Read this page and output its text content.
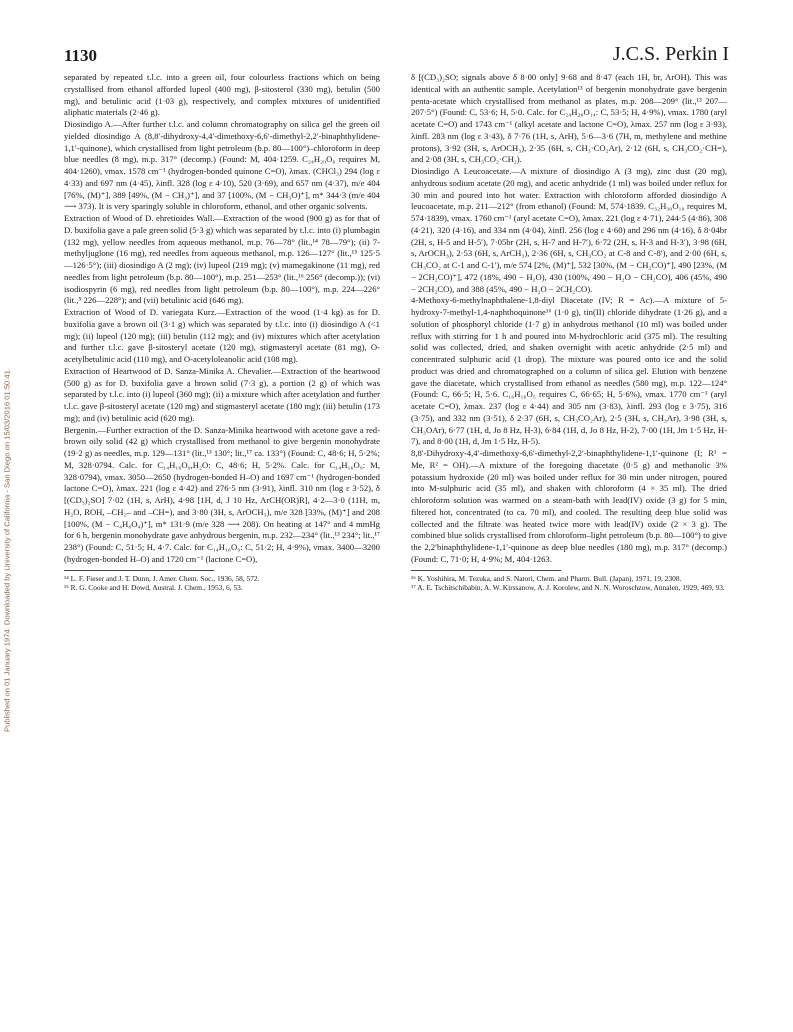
1130	J.C.S. Perkin I
Published on 01 January 1974. Downloaded by University of California - San Diego on 15/03/2016 01:50:41.

separated by repeated t.l.c. into a green oil, four colourless fractions which on being crystallised from ethanol afforded lupeol (400 mg), β-sitosterol (330 mg), betulin (500 mg), and betulinic acid (1·03 g), respectively, and complex mixtures of unidentified aliphatic materials (2·46 g).

Diosindigo A.—After further t.l.c. and column chromatography on silica gel the green oil yielded diosindigo A (8,8′-dihydroxy-4,4′-dimethoxy-6,6′-dimethyl-2,2′-binaphthylidene-1,1′-quinone), which crystallised from light petroleum (b.p. 80—100°)–chloroform in deep blue needles (8 mg), m.p. 317° (decomp.) (Found: M, 404·1259. C₂₄H₂₀O₆ requires M, 404·1260), νmax. 1578 cm⁻¹ (hydrogen-bonded quinone C=O), λmax. (CHCl₃) 294 (log ε 4·33) and 697 nm (4·45), λinfl. 328 (log ε 4·10), 520 (3·69), and 657 nm (4·37), m/e 404 [76%, (M)⁺], 389 [49%, (M − CH₃)⁺], and 37 [100%, (M − CH₃O)⁺], m* 344·3 (m/e 404 ⟶ 373). It is very sparingly soluble in chloroform, ethanol, and other organic solvents.

Extraction of Wood of D. ehretioides Wall.—Extraction of the wood (900 g) as for that of D. buxifolia gave a pale green solid (5·3 g) which was separated by t.l.c. into (i) plumbagin (132 mg), yellow needles from aqueous methanol, m.p. 76—78° (lit.,¹⁴ 78—79°); (ii) 7-methyljuglone (16 mg), red needles from aqueous methanol, m.p. 126—127° (lit.,¹⁵ 125·5—126·5°); (iii) diosindigo A (2 mg); (iv) lupeol (219 mg); (v) mamegakinone (11 mg), red needles from light petroleum (b.p. 80—100°), m.p. 251—253° (lit.,¹⁶ 256° (decomp.)); (vi) isodiospyrin (6 mg), red needles from light petroleum (b.p. 80—100°), m.p. 224—226° (lit.,⁵ 226—228°); and (vii) betulinic acid (646 mg).

Extraction of Wood of D. variegata Kurz.—Extraction of the wood (1·4 kg) as for D. buxifolia gave a brown oil (3·1 g) which was separated by t.l.c. into (i) diosindigo A (<1 mg); (ii) lupeol (120 mg); (iii) betulin (112 mg); and (iv) mixtures which after acetylation and further t.l.c. gave β-sitosteryl acetate (120 mg), stigmasteryl acetate (81 mg), O-acetylbetulinic acid (110 mg), and O-acetyloleanolic acid (108 mg).

Extraction of Heartwood of D. Sanza-Minika A. Chevalier.—Extraction of the heartwood (500 g) as for D. buxifolia gave a brown solid (7·3 g), a portion (2 g) of which was separated by t.l.c. into (i) lupeol (360 mg); (ii) a mixture which after acetylation and further t.l.c. gave β-sitosteryl acetate (120 mg) and stigmasteryl acetate (180 mg); (iii) betulin (173 mg); and (iv) betulinic acid (620 mg).

Bergenin.—Further extraction of the D. Sanza-Minika heartwood with acetone gave a red-brown oily solid (42 g) which crystallised from methanol to give bergenin monohydrate (19·2 g) as needles, m.p. 129—131° (lit.,¹³ 130°; lit.,¹⁷ ca. 133°) (Found: C, 48·6; H, 5·2%; M, 328·0794. Calc. for C₁₄H₁₆O₉,H₂O: C, 48·6; H, 5·2%. Calc. for C₁₄H₁₆O₉: M, 328·0794), νmax. 3050—2650 (hydrogen-bonded H–O) and 1697 cm⁻¹ (hydrogen-bonded lactone C=O), λmax. 221 (log ε 4·42) and 276·5 nm (3·91), λinfl. 310 nm (log ε 3·52), δ [(CD₃)₂SO] 7·02 (1H, s, ArH), 4·98 [1H, d, J 10 Hz, ArCH(OR)R], 4·2—3·0 (11H, m, H₂O, ROH, –CH₂– and –CH=), and 3·80 (3H, s, ArOCH₃), m/e 328 [33%, (M)⁺] and 208 [100%, (M − C₄H₈O₄)⁺], m* 131·9 (m/e 328 ⟶ 208). On heating at 147° and 4 mmHg for 6 h, bergenin monohydrate gave anhydrous bergenin, m.p. 232—234° (lit.,¹³ 234°; lit.,¹⁷ 238°) (Found: C, 51·5; H, 4·7. Calc. for C₁₄H₁₆O₉: C, 51·2; H, 4·9%), νmax. 3400—3200 (hydrogen-bonded H–O) and 1720 cm⁻¹ (lactone C=O),

¹⁴ L. F. Fieser and J. T. Dunn, J. Amer. Chem. Soc., 1936, 58, 572.

¹⁵ R. G. Cooke and H. Dowd, Austral. J. Chem., 1953, 6, 53.

δ [(CD₃)₂SO; signals above δ 8·00 only] 9·68 and 8·47 (each 1H, br, ArOH). This was identical with an authentic sample. Acetylation¹³ of bergenin monohydrate gave bergenin penta-acetate which crystallised from methanol as plates, m.p. 208—209° (lit.,¹³ 207—207·5°) (Found: C, 53·6; H, 5·0. Calc. for C₂₄H₂₆O₁₄: C, 53·5; H, 4·9%), νmax. 1780 (aryl acetate C=O) and 1743 cm⁻¹ (alkyl acetate and lactone C=O), λmax. 257 nm (log ε 3·93), λinfl. 283 nm (log ε 3·43), δ 7·76 (1H, s, ArH), 5·6—3·6 (7H, m, methylene and methine protons), 3·92 (3H, s, ArOCH₃), 2·35 (6H, s, CH₃·CO₂Ar), 2·12 (6H, s, CH₃CO₂·CH=), and 2·08 (3H, s, CH₃CO₂·CH₂).

Diosindigo A Leucoacetate.—A mixture of diosindigo A (3 mg), zinc dust (20 mg), anhydrous sodium acetate (20 mg), and acetic anhydride (1 ml) was boiled under reflux for 30 min and poured into hot water. Extraction with chloroform afforded diosindigo A leucoacetate, m.p. 211—212° (from ethanol) (Found: M, 574·1839. C₃₂H₃₀O₁₀ requires M, 574·1839), νmax. 1760 cm⁻¹ (aryl acetate C=O), λmax. 221 (log ε 4·71), 244·5 (4·86), 308 (4·21), 320 (4·16), and 334 nm (4·04), λinfl. 256 (log ε 4·60) and 296 nm (4·16), δ 8·04br (2H, s, H-5 and H-5′), 7·05br (2H, s, H-7 and H-7′), 6·72 (2H, s, H-3 and H-3′), 3·98 (6H, s, ArOCH₃), 2·53 (6H, s, ArCH₃), 2·36 (6H, s, CH₃CO₂ at C-8 and C-8′), and 2·00 (6H, s, CH₃CO₂ at C-1 and C-1′), m/e 574 [2%, (M)⁺], 532 [30%, (M − CH₂CO)⁺], 490 [23%, (M − 2CH₂CO)⁺], 472 (18%, 490 − H₂O), 430 (100%, 490 − H₂O − CH₂CO), 406 (45%, 490 − 2CH₂CO), and 388 (45%, 490 − H₂O − 2CH₂CO).

4-Methoxy-6-methylnaphthalene-1,8-diyl Diacetate (IV; R = Ac).—A mixture of 5-hydroxy-7-methyl-1,4-naphthoquinone¹⁶ (1·0 g), tin(II) chloride dihydrate (1·26 g), and a solution of phosphoryl chloride (1·7 g) in anhydrous methanol (10 ml) was boiled under reflux with stirring for 1 h and poured into M-hydrochloric acid (375 ml). The resulting solid was collected, dried, and shaken overnight with acetic anhydride (2·5 ml) and concentrated sulphuric acid (1 drop). The mixture was poured onto ice and the solid product was dried and chromatographed on a column of silica gel. Elution with benzene gave the diacetate, which crystallised from ethanol as needles (580 mg), m.p. 122—124° (Found: C, 66·5; H, 5·6. C₁₆H₁₆O₅ requires C, 66·65; H, 5·6%), νmax. 1770 cm⁻¹ (aryl acetate C=O), λmax. 237 (log ε 4·44) and 305 nm (3·83), λinfl. 293 (log ε 3·75), 316 (3·75), and 332 nm (3·51), δ 2·37 (6H, s, CH₃CO₂Ar), 2·5 (3H, s, CH₃Ar), 3·98 (3H, s, CH₃OAr), 6·77 (1H, d, Jo 8 Hz, H-3), 6·84 (1H, d, Jo 8 Hz, H-2), 7·00 (1H, Jm 1·5 Hz, H-7), and 8·00 (1H, d, Jm 1·5 Hz, H-5).

8,8′-Dihydroxy-4,4′-dimethoxy-6,6′-dimethyl-2,2′-binaphthylidene-1,1′-quinone (I; R¹ = Me, R² = OH).—A mixture of the foregoing diacetate (0·5 g) and methanolic 3% potassium hydroxide (20 ml) was boiled under reflux for 30 min under nitrogen, poured into M-sulphuric acid (35 ml), and shaken with chloroform (4 × 35 ml). The dried chloroform solution was warmed on a steam-bath with lead(IV) oxide (3 g) for 5 min, filtered hot, concentrated (to ca. 70 ml), and cooled. The resulting deep blue solid was collected and the filtrate was heated twice more with lead(IV) oxide (2 × 3 g). The combined blue solids crystallised from chloroform–light petroleum (b.p. 80—100°) to give the 2,2′binaphthylidene-1,1′-quinone as deep blue needles (180 mg), m.p. 317° (decomp.) (Found: C, 71·0; H, 4·9%; M, 404·1263.

¹⁶ K. Yoshihira, M. Tezuka, and S. Natori, Chem. and Pharm. Bull. (Japan), 1971, 19, 2308.

¹⁷ A. E. Tschitschibabin, A. W. Kirssanow, A. J. Korolew, and N. N. Woroschzow, Annalen, 1929, 469, 93.
